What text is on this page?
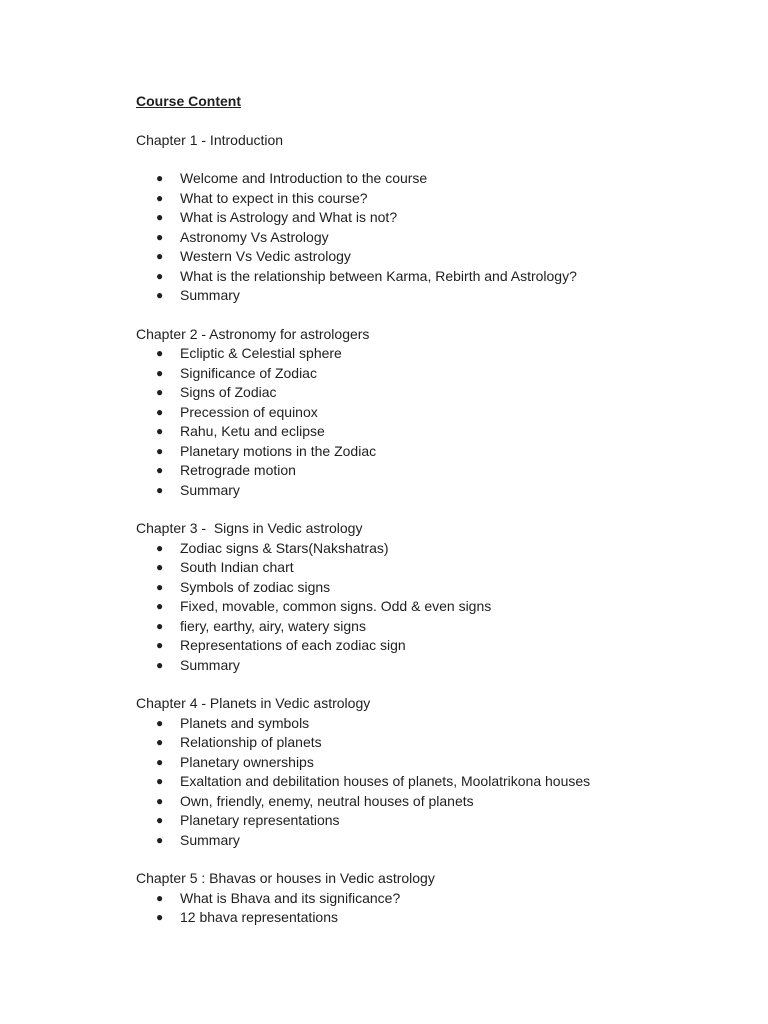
Course Content
Chapter 1 - Introduction
● Welcome and Introduction to the course
● What to expect in this course?
● What is Astrology and What is not?
● Astronomy Vs Astrology
● Western Vs Vedic astrology
● What is the relationship between Karma, Rebirth and Astrology?
● Summary
Chapter 2 - Astronomy for astrologers
● Ecliptic & Celestial sphere
● Significance of Zodiac
● Signs of Zodiac
● Precession of equinox
● Rahu, Ketu and eclipse
● Planetary motions in the Zodiac
● Retrograde motion
● Summary
Chapter 3 -  Signs in Vedic astrology
● Zodiac signs & Stars(Nakshatras)
● South Indian chart
● Symbols of zodiac signs
● Fixed, movable, common signs. Odd & even signs
● fiery, earthy, airy, watery signs
● Representations of each zodiac sign
● Summary
Chapter 4 - Planets in Vedic astrology
● Planets and symbols
● Relationship of planets
● Planetary ownerships
● Exaltation and debilitation houses of planets, Moolatrikona houses
● Own, friendly, enemy, neutral houses of planets
● Planetary representations
● Summary
Chapter 5 : Bhavas or houses in Vedic astrology
● What is Bhava and its significance?
● 12 bhava representations
